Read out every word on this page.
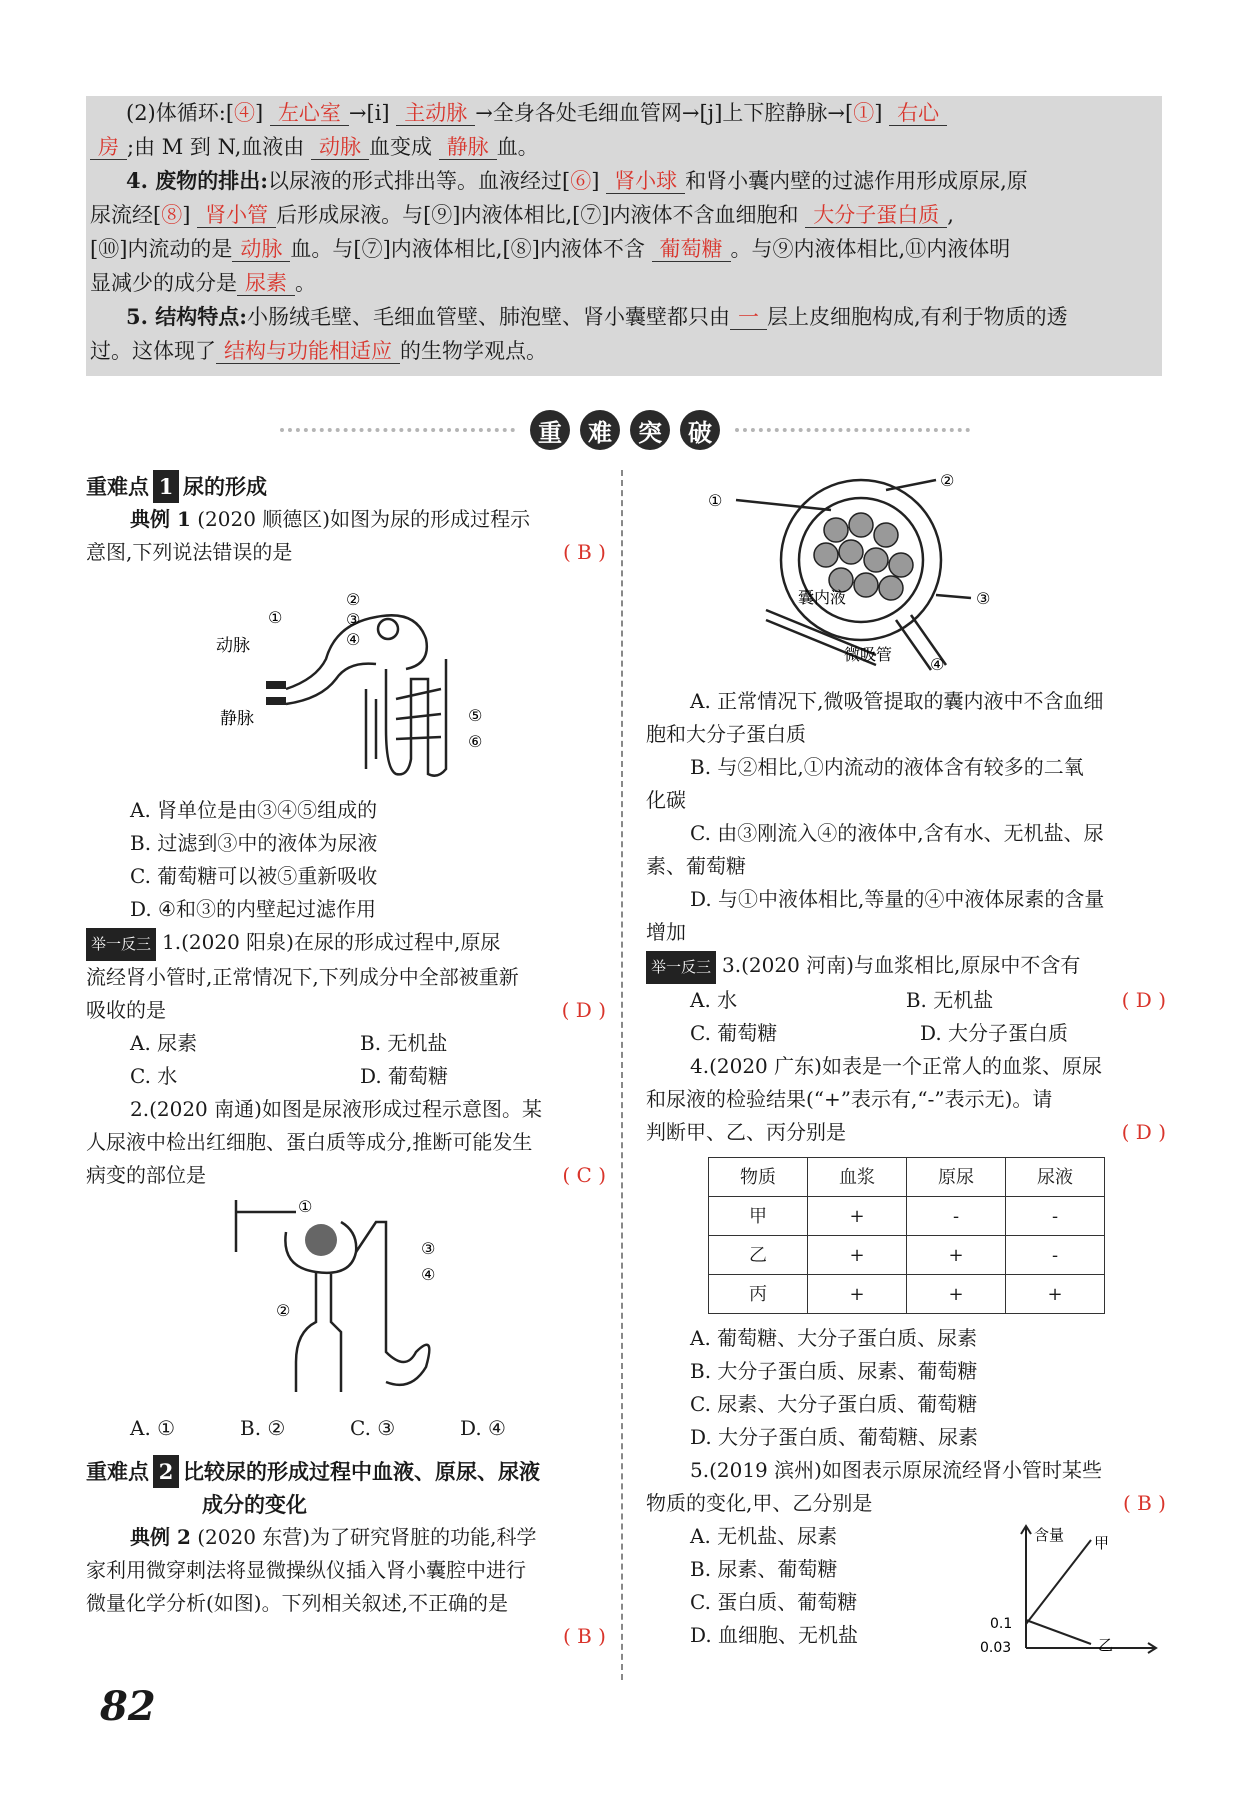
(2)体循环:[④] 左心室 →[i] 主动脉 →全身各处毛细血管网→[j]上下腔静脉→[①] 右心

房 ;由 M 到 N,血液由 动脉 血变成 静脉 血。

4. 废物的排出:以尿液的形式排出等。血液经过[⑥] 肾小球 和肾小囊内壁的过滤作用形成原尿,原

尿流经[⑧] 肾小管 后形成尿液。与[⑨]内液体相比,[⑦]内液体不含血细胞和 大分子蛋白质 ,

[⑩]内流动的是 动脉 血。与[⑦]内液体相比,[⑧]内液体不含 葡萄糖 。与⑨内液体相比,⑪内液体明

显减少的成分是 尿素 。

5. 结构特点:小肠绒毛壁、毛细血管壁、肺泡壁、肾小囊壁都只由 一 层上皮细胞构成,有利于物质的透

过。这体现了 结构与功能相适应 的生物学观点。

重	难	突	破

重难点 1 尿的形成

典例 1 (2020 顺德区)如图为尿的形成过程示

意图,下列说法错误的是	( B )

动脉
静脉
①
②
③
④
⑤
⑥

A. 肾单位是由③④⑤组成的

B. 过滤到③中的液体为尿液

C. 葡萄糖可以被⑤重新吸收

D. ④和③的内壁起过滤作用

举一反三 1.(2020 阳泉)在尿的形成过程中,原尿

流经肾小管时,正常情况下,下列成分中全部被重新

吸收的是	( D )

A. 尿素	B. 无机盐
C. 水	D. 葡萄糖

2.(2020 南通)如图是尿液形成过程示意图。某

人尿液中检出红细胞、蛋白质等成分,推断可能发生

病变的部位是	( C )

①
③
④
②
A. ①	B. ②	C. ③	D. ④

重难点 2 比较尿的形成过程中血液、原尿、尿液

成分的变化

典例 2 (2020 东营)为了研究肾脏的功能,科学

家利用微穿刺法将显微操纵仪插入肾小囊腔中进行

微量化学分析(如图)。下列相关叙述,不正确的是

( B )

①
②
③
④
囊内液
微吸管

A. 正常情况下,微吸管提取的囊内液中不含血细

胞和大分子蛋白质

B. 与②相比,①内流动的液体含有较多的二氧

化碳

C. 由③刚流入④的液体中,含有水、无机盐、尿

素、葡萄糖

D. 与①中液体相比,等量的④中液体尿素的含量

增加

举一反三 3.(2020 河南)与血浆相比,原尿中不含有

( D )

A. 水	B. 无机盐
C. 葡萄糖	D. 大分子蛋白质

4.(2020 广东)如表是一个正常人的血浆、原尿

和尿液的检验结果(“+”表示有,“-”表示无)。请

判断甲、乙、丙分别是	( D )

物质	血浆	原尿	尿液
甲	+	-	-
乙	+	+	-
丙	+	+	+

A. 葡萄糖、大分子蛋白质、尿素

B. 大分子蛋白质、尿素、葡萄糖

C. 尿素、大分子蛋白质、葡萄糖

D. 大分子蛋白质、葡萄糖、尿素

5.(2019 滨州)如图表示原尿流经肾小管时某些

物质的变化,甲、乙分别是	( B )

A. 无机盐、尿素

B. 尿素、葡萄糖

C. 蛋白质、葡萄糖

D. 血细胞、无机盐

含量 甲
乙
0.1
0.03
82
